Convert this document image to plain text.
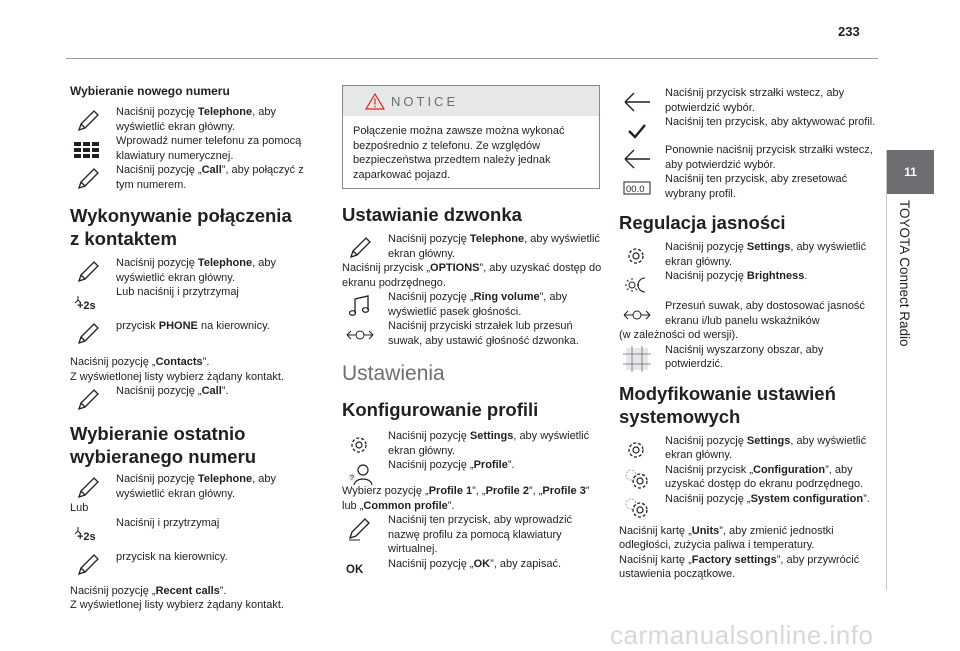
233
11
TOYOTA Connect Radio

Wybieranie nowego numeru

Naciśnij pozycję Telephone, aby wyświetlić ekran główny.
Wprowadź numer telefonu za pomocą klawiatury numerycznej.
Naciśnij pozycję „Call”, aby połączyć z tym numerem.

Wykonywanie połączenia
z kontaktem

Naciśnij pozycję Telephone, aby wyświetlić ekran główny.
+2s
Lub naciśnij i przytrzymaj
przycisk PHONE na kierownicy.
Naciśnij pozycję „Contacts”.
Z wyświetlonej listy wybierz żądany kontakt.
Naciśnij pozycję „Call”.

Wybieranie ostatnio
wybieranego numeru

Naciśnij pozycję Telephone, aby wyświetlić ekran główny.
Lub
+2s
Naciśnij i przytrzymaj
przycisk na kierownicy.
Naciśnij pozycję „Recent calls”.
Z wyświetlonej listy wybierz żądany kontakt.
NOTICE
Połączenie można zawsze można wykonać bezpośrednio z telefonu. Ze względów bezpieczeństwa przedtem należy jednak zaparkować pojazd.

Ustawianie dzwonka

Naciśnij pozycję Telephone, aby wyświetlić ekran główny.
Naciśnij przycisk „OPTIONS”, aby uzyskać dostęp do ekranu podrzędnego.
Naciśnij pozycję „Ring volume”, aby wyświetlić pasek głośności.
Naciśnij przyciski strzałek lub przesuń suwak, aby ustawić głośność dzwonka.

Ustawienia

Konfigurowanie profili

Naciśnij pozycję Settings, aby wyświetlić ekran główny.
?
Naciśnij pozycję „Profile”.
Wybierz pozycję „Profile 1”, „Profile 2”, „Profile 3” lub „Common profile”.
Naciśnij ten przycisk, aby wprowadzić nazwę profilu za pomocą klawiatury wirtualnej.
OK	Naciśnij pozycję „OK”, aby zapisać.
Naciśnij przycisk strzałki wstecz, aby potwierdzić wybór.
Naciśnij ten przycisk, aby aktywować profil.
Ponownie naciśnij przycisk strzałki wstecz, aby potwierdzić wybór.
00.0
Naciśnij ten przycisk, aby zresetować wybrany profil.

Regulacja jasności

Naciśnij pozycję Settings, aby wyświetlić ekran główny.
Naciśnij pozycję Brightness.
Przesuń suwak, aby dostosować jasność ekranu i/lub panelu wskaźników
(w zależności od wersji).
Naciśnij wyszarzony obszar, aby potwierdzić.

Modyfikowanie ustawień
systemowych

Naciśnij pozycję Settings, aby wyświetlić ekran główny.
Naciśnij przycisk „Configuration”, aby uzyskać dostęp do ekranu podrzędnego.
Naciśnij pozycję „System configuration”.
Naciśnij kartę „Units”, aby zmienić jednostki odległości, zużycia paliwa i temperatury.
Naciśnij kartę „Factory settings”, aby przywrócić ustawienia początkowe.
carmanualsonline.info
